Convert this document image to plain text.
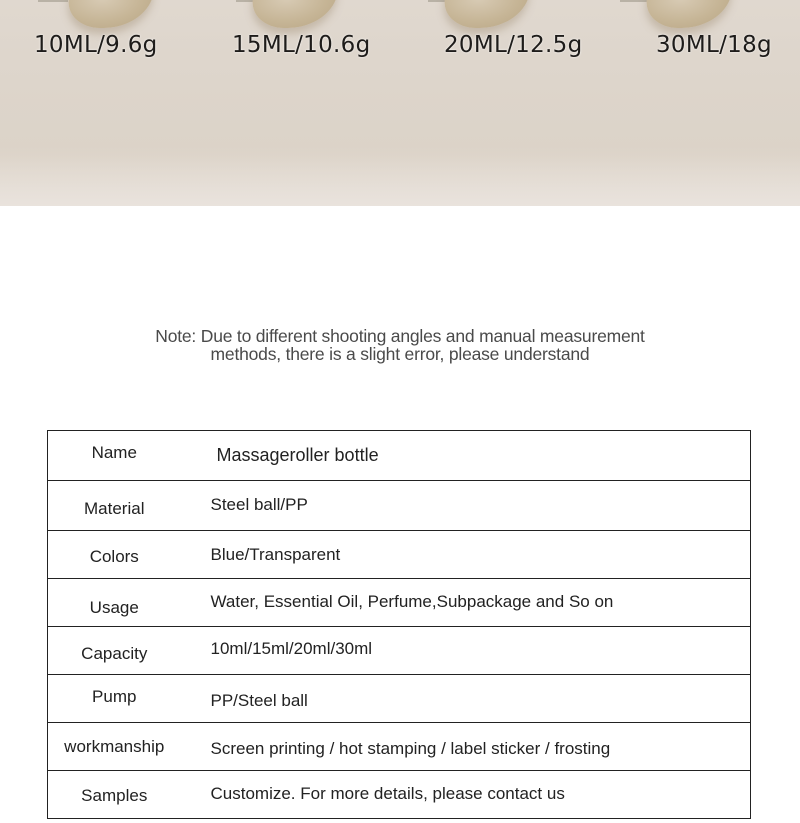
10ML/9.6g	15ML/10.6g	20ML/12.5g	30ML/18g
Note: Due to different shooting angles and manual measurement
methods, there is a slight error, please understand
Name	Massageroller bottle
Material	Steel ball/PP
Colors	Blue/Transparent
Usage	Water, Essential Oil, Perfume,Subpackage and So on
Capacity	10ml/15ml/20ml/30ml
Pump	PP/Steel ball
workmanship	Screen printing / hot stamping / label sticker / frosting
Samples	Customize. For more details, please contact us
